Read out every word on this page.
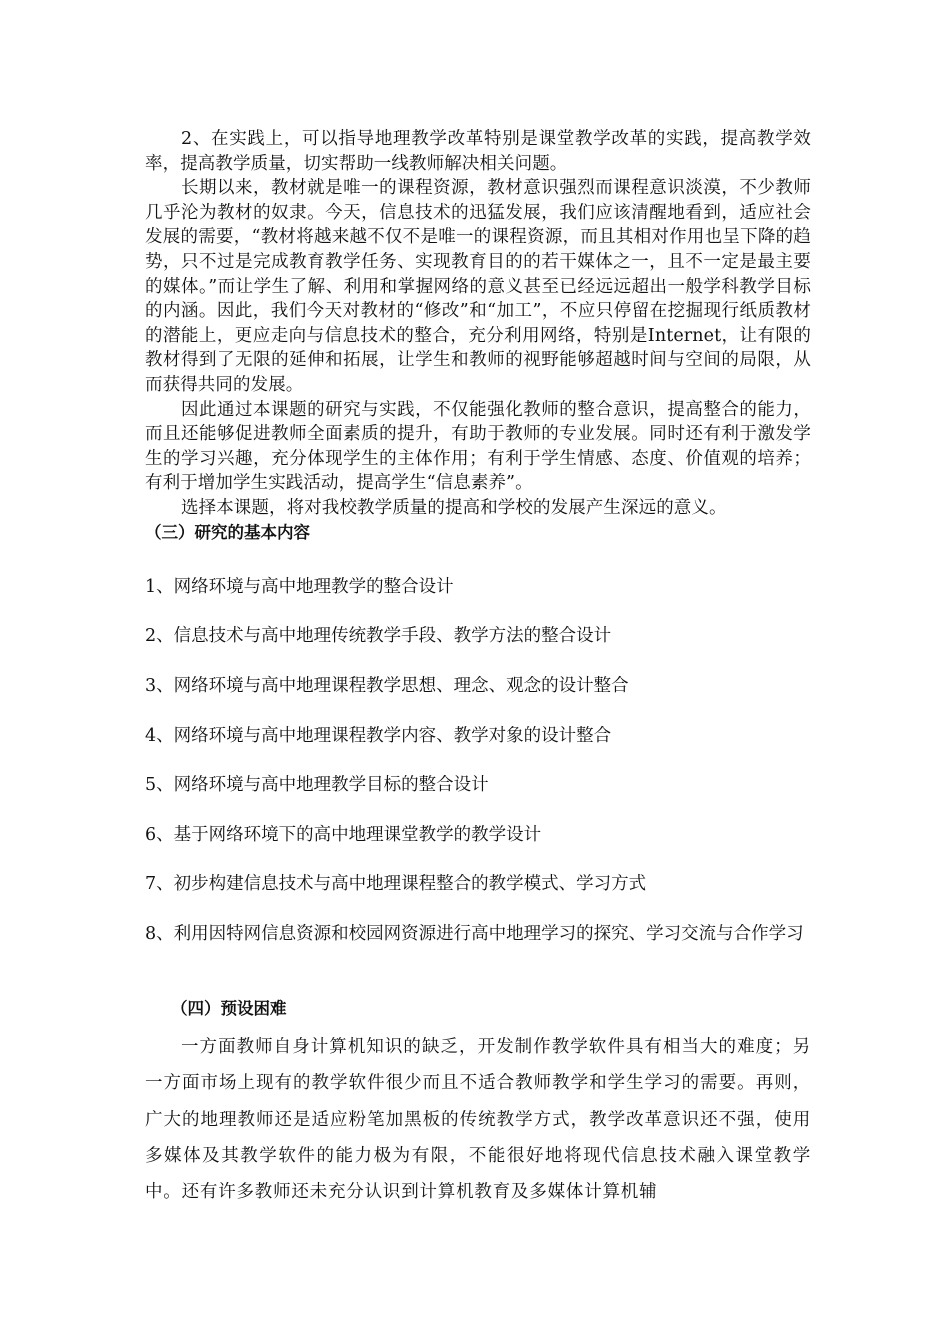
2、在实践上，可以指导地理教学改革特别是课堂教学改革的实践，提高教学效率，提高教学质量，切实帮助一线教师解决相关问题。

长期以来，教材就是唯一的课程资源，教材意识强烈而课程意识淡漠，不少教师几乎沦为教材的奴隶。今天，信息技术的迅猛发展，我们应该清醒地看到，适应社会发展的需要，“教材将越来越不仅不是唯一的课程资源，而且其相对作用也呈下降的趋势，只不过是完成教育教学任务、实现教育目的的若干媒体之一，且不一定是最主要的媒体。”而让学生了解、利用和掌握网络的意义甚至已经远远超出一般学科教学目标的内涵。因此，我们今天对教材的“修改”和“加工”，不应只停留在挖掘现行纸质教材的潜能上，更应走向与信息技术的整合，充分利用网络，特别是Internet，让有限的教材得到了无限的延伸和拓展，让学生和教师的视野能够超越时间与空间的局限，从而获得共同的发展。

因此通过本课题的研究与实践，不仅能强化教师的整合意识，提高整合的能力，而且还能够促进教师全面素质的提升，有助于教师的专业发展。同时还有利于激发学生的学习兴趣，充分体现学生的主体作用；有利于学生情感、态度、价值观的培养；有利于增加学生实践活动，提高学生“信息素养”。

选择本课题，将对我校教学质量的提高和学校的发展产生深远的意义。

（三）研究的基本内容

1、网络环境与高中地理教学的整合设计

2、信息技术与高中地理传统教学手段、教学方法的整合设计

3、网络环境与高中地理课程教学思想、理念、观念的设计整合

4、网络环境与高中地理课程教学内容、教学对象的设计整合

5、网络环境与高中地理教学目标的整合设计

6、基于网络环境下的高中地理课堂教学的教学设计

7、初步构建信息技术与高中地理课程整合的教学模式、学习方式

8、利用因特网信息资源和校园网资源进行高中地理学习的探究、学习交流与合作学习

（四）预设困难

一方面教师自身计算机知识的缺乏，开发制作教学软件具有相当大的难度；另一方面市场上现有的教学软件很少而且不适合教师教学和学生学习的需要。再则，广大的地理教师还是适应粉笔加黑板的传统教学方式，教学改革意识还不强，使用多媒体及其教学软件的能力极为有限，不能很好地将现代信息技术融入课堂教学中。还有许多教师还未充分认识到计算机教育及多媒体计算机辅
